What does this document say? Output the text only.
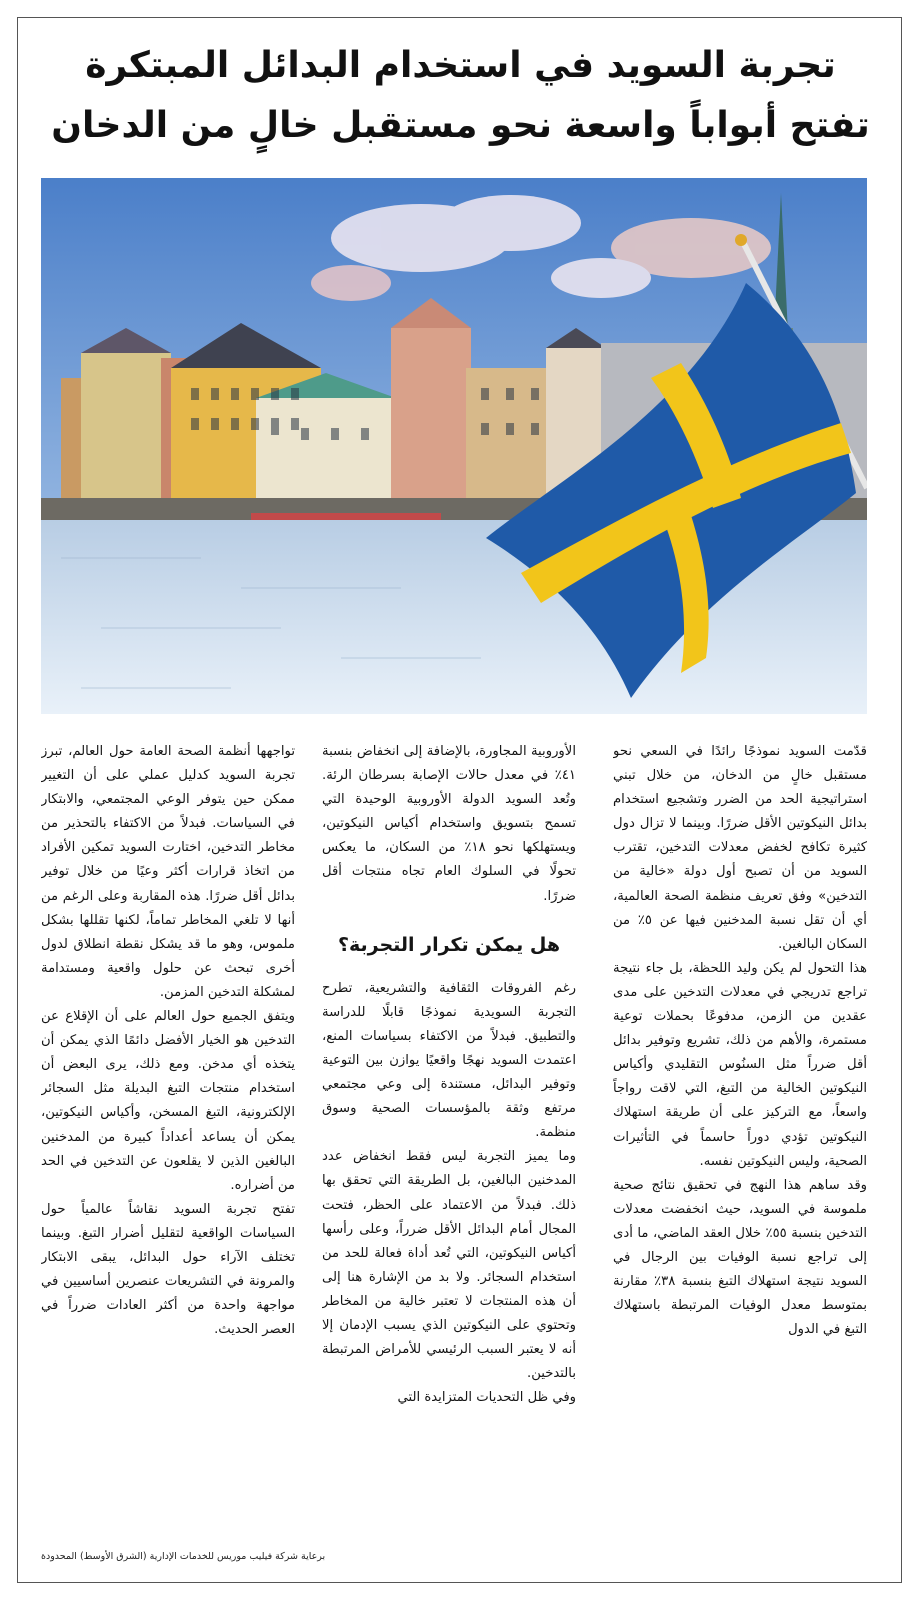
تجربة السويد في استخدام البدائل المبتكرة
تفتح أبواباً واسعة نحو مستقبل خالٍ من الدخان

قدّمت السويد نموذجًا رائدًا في السعي نحو مستقبل خالٍ من الدخان، من خلال تبني استراتيجية الحد من الضرر وتشجيع استخدام بدائل النيكوتين الأقل ضررًا. وبينما لا تزال دول كثيرة تكافح لخفض معدلات التدخين، تقترب السويد من أن تصبح أول دولة «خالية من التدخين» وفق تعريف منظمة الصحة العالمية، أي أن تقل نسبة المدخنين فيها عن ٥٪ من السكان البالغين.

هذا التحول لم يكن وليد اللحظة، بل جاء نتيجة تراجع تدريجي في معدلات التدخين على مدى عقدين من الزمن، مدفوعًا بحملات توعية مستمرة، والأهم من ذلك، تشريع وتوفير بدائل أقل ضرراً مثل السنُوس التقليدي وأكياس النيكوتين الخالية من التبغ، التي لاقت رواجاً واسعاً، مع التركيز على أن طريقة استهلاك النيكوتين تؤدي دوراً حاسماً في التأثيرات الصحية، وليس النيكوتين نفسه.

وقد ساهم هذا النهج في تحقيق نتائج صحية ملموسة في السويد، حيث انخفضت معدلات التدخين بنسبة ٥٥٪ خلال العقد الماضي، ما أدى إلى تراجع نسبة الوفيات بين الرجال في السويد نتيجة استهلاك التبغ بنسبة ٣٨٪ مقارنة بمتوسط معدل الوفيات المرتبطة باستهلاك التبغ في الدول

الأوروبية المجاورة، بالإضافة إلى انخفاض بنسبة ٤١٪ في معدل حالات الإصابة بسرطان الرئة. وتُعد السويد الدولة الأوروبية الوحيدة التي تسمح بتسويق واستخدام أكياس النيكوتين، ويستهلكها نحو ١٨٪ من السكان، ما يعكس تحولًا في السلوك العام تجاه منتجات أقل ضررًا.

هل يمكن تكرار التجربة؟

رغم الفروقات الثقافية والتشريعية، تطرح التجربة السويدية نموذجًا قابلًا للدراسة والتطبيق. فبدلاً من الاكتفاء بسياسات المنع، اعتمدت السويد نهجًا واقعيًا يوازن بين التوعية وتوفير البدائل، مستندة إلى وعي مجتمعي مرتفع وثقة بالمؤسسات الصحية وسوق منظمة.

وما يميز التجربة ليس فقط انخفاض عدد المدخنين البالغين، بل الطريقة التي تحقق بها ذلك. فبدلاً من الاعتماد على الحظر، فتحت المجال أمام البدائل الأقل ضرراً، وعلى رأسها أكياس النيكوتين، التي تُعد أداة فعالة للحد من استخدام السجائر. ولا بد من الإشارة هنا إلى أن هذه المنتجات لا تعتبر خالية من المخاطر وتحتوي على النيكوتين الذي يسبب الإدمان إلا أنه لا يعتبر السبب الرئيسي للأمراض المرتبطة بالتدخين.

وفي ظل التحديات المتزايدة التي

تواجهها أنظمة الصحة العامة حول العالم، تبرز تجربة السويد كدليل عملي على أن التغيير ممكن حين يتوفر الوعي المجتمعي، والابتكار في السياسات. فبدلاً من الاكتفاء بالتحذير من مخاطر التدخين، اختارت السويد تمكين الأفراد من اتخاذ قرارات أكثر وعيًا من خلال توفير بدائل أقل ضررًا. هذه المقاربة وعلى الرغم من أنها لا تلغي المخاطر تماماً، لكنها تقللها بشكل ملموس، وهو ما قد يشكل نقطة انطلاق لدول أخرى تبحث عن حلول واقعية ومستدامة لمشكلة التدخين المزمن.

ويتفق الجميع حول العالم على أن الإقلاع عن التدخين هو الخيار الأفضل دائمًا الذي يمكن أن يتخذه أي مدخن. ومع ذلك، يرى البعض أن استخدام منتجات التبغ البديلة مثل السجائر الإلكترونية، التبغ المسخن، وأكياس النيكوتين، يمكن أن يساعد أعداداً كبيرة من المدخنين البالغين الذين لا يقلعون عن التدخين في الحد من أضراره.

تفتح تجربة السويد نقاشاً عالمياً حول السياسات الواقعية لتقليل أضرار التبغ. وبينما تختلف الآراء حول البدائل، يبقى الابتكار والمرونة في التشريعات عنصرين أساسيين في مواجهة واحدة من أكثر العادات ضرراً في العصر الحديث.

برعاية شركة فيليب موريس للخدمات الإدارية (الشرق الأوسط) المحدودة
